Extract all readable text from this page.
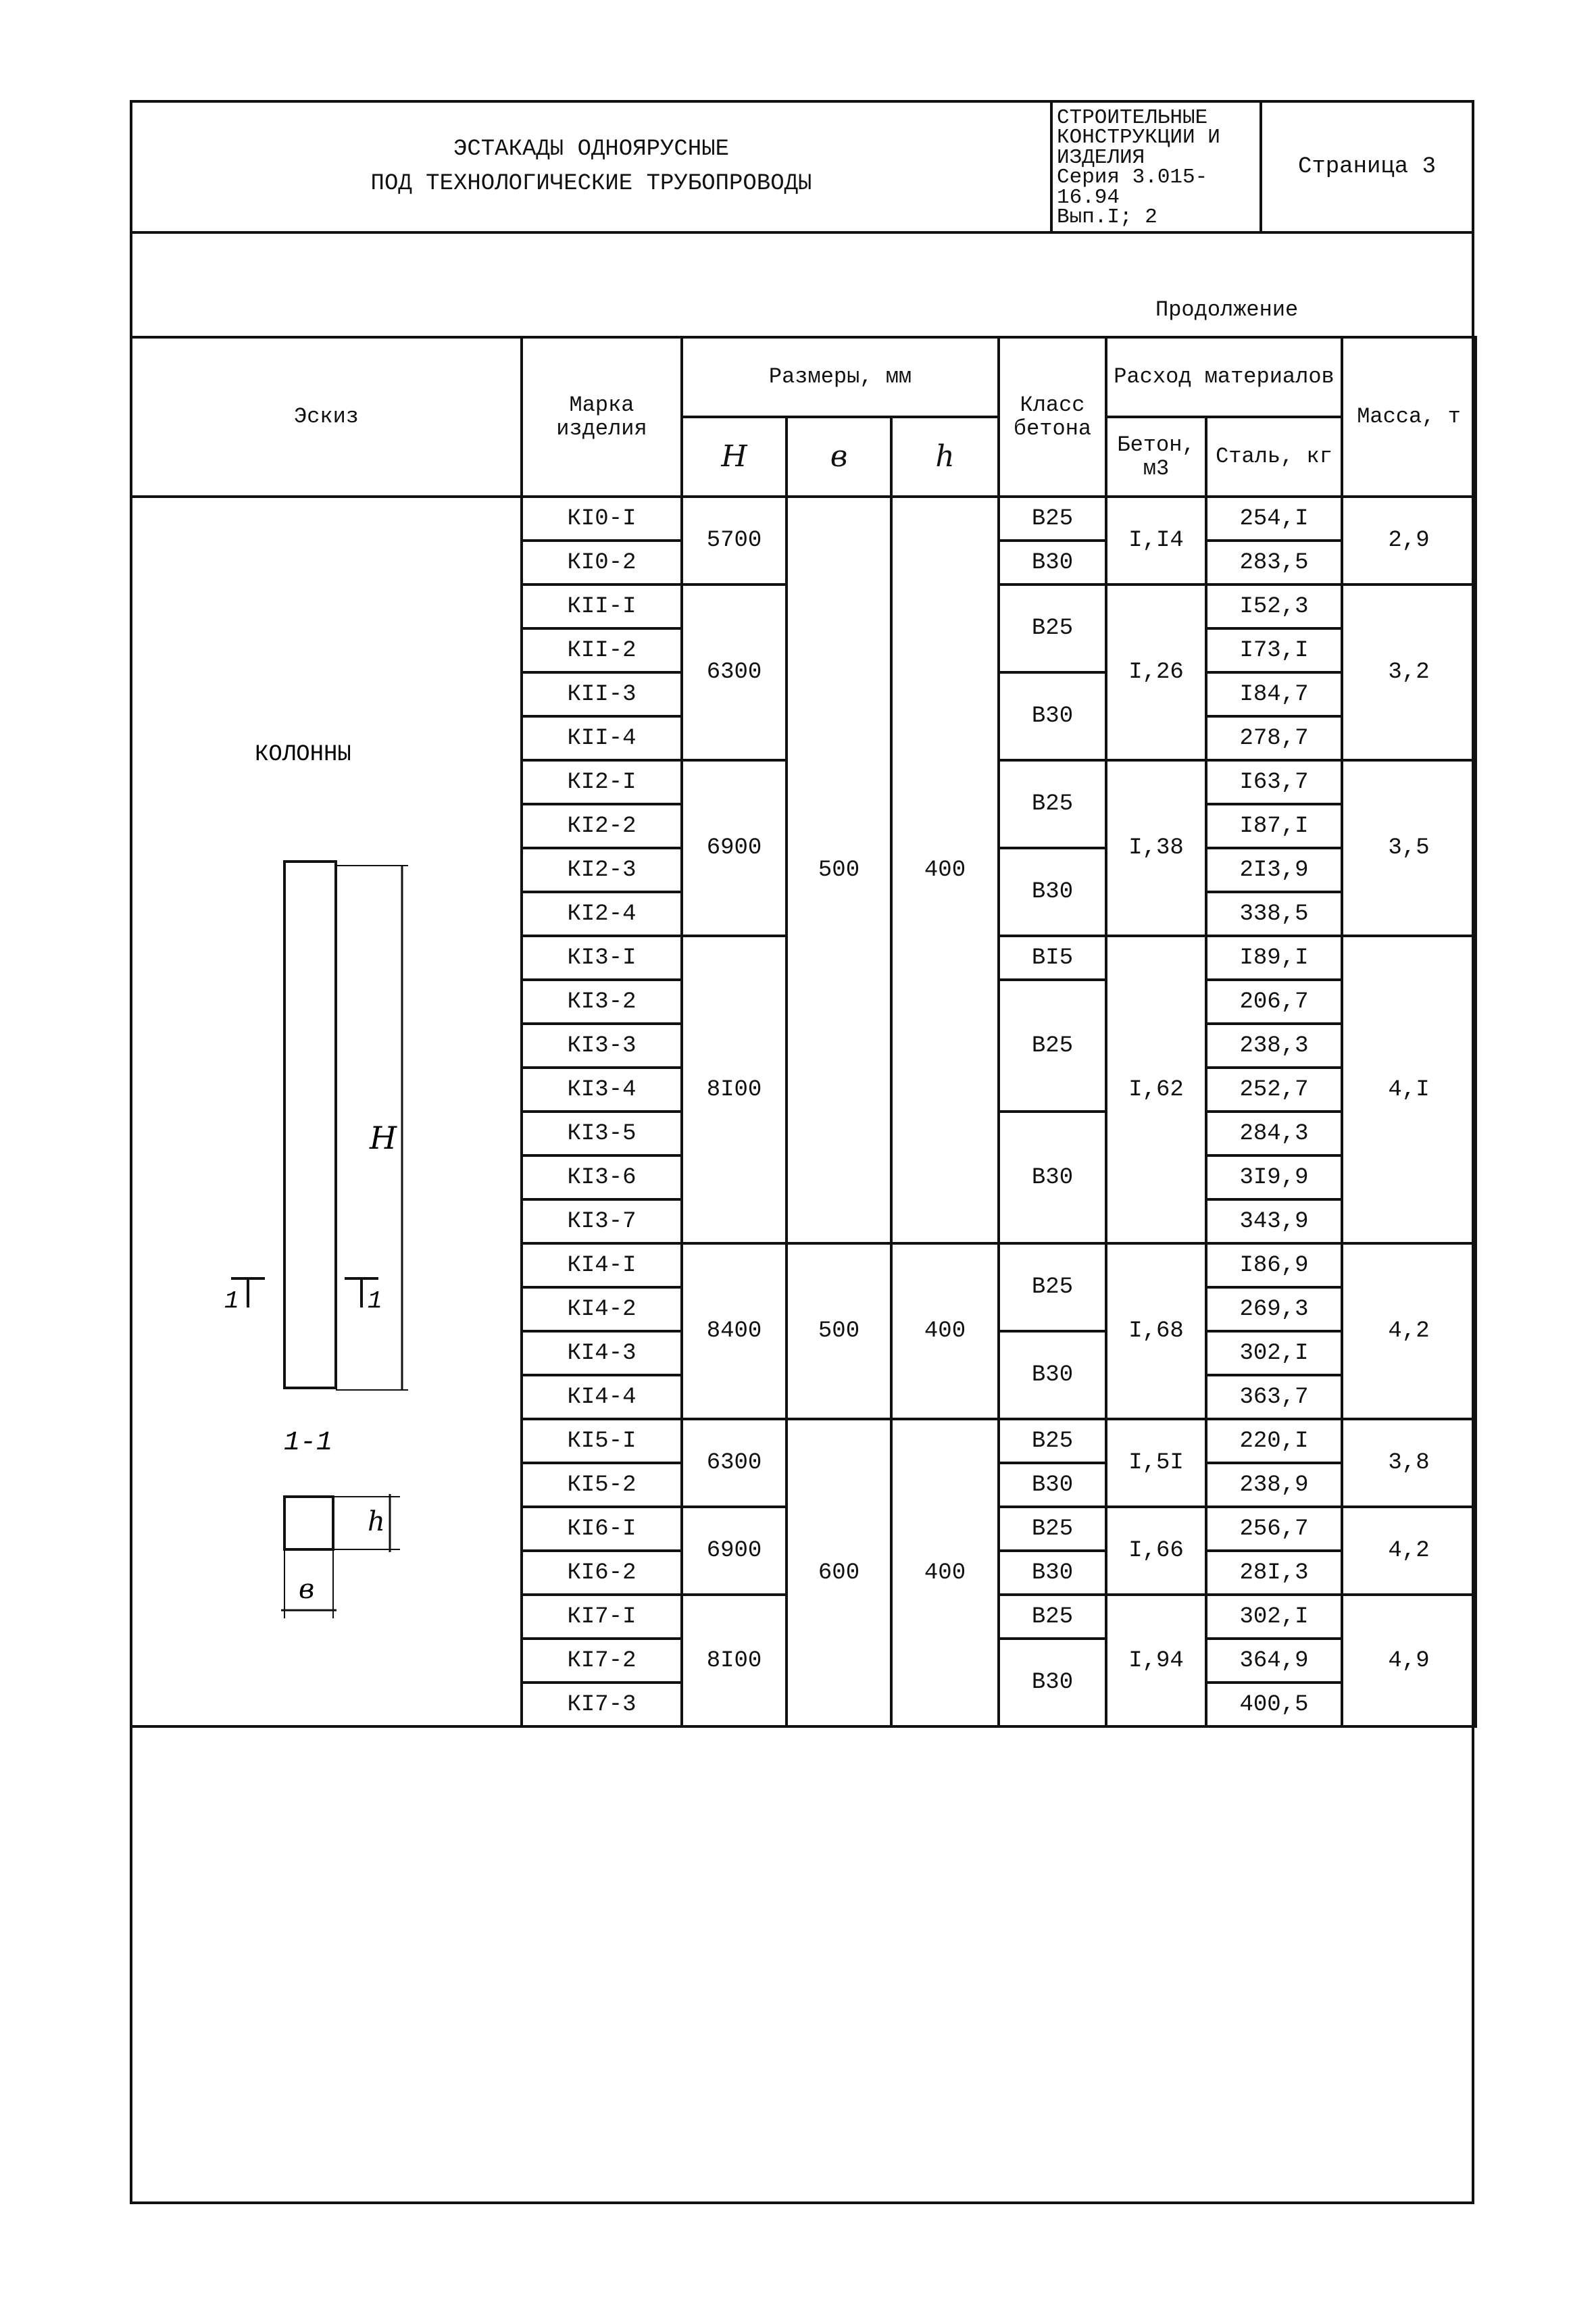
ЭСТАКАДЫ ОДНОЯРУСНЫЕ
ПОД ТЕХНОЛОГИЧЕСКИЕ ТРУБОПРОВОДЫ
СТРОИТЕЛЬНЫЕ
КОНСТРУКЦИИ И
ИЗДЕЛИЯ
Серия 3.015-16.94
Вып.I; 2
Страница 3
Продолжение
Эскиз	Марка изделия	Размеры, мм			Класс бетона	Расход материалов		Масса, т
		H	в	h		Бетон, м3	Сталь, кг	
	КI0-I	5700	500	400	B25	I,I4	254,I	2,9
	КI0-2				B30		283,5	
	КII-I	6300			B25	I,26	I52,3	3,2
	КII-2						I73,I	
	КII-3				B30		I84,7	
	КII-4						278,7	
	КI2-I	6900			B25	I,38	I63,7	3,5
	КI2-2						I87,I	
	КI2-3				B30		2I3,9	
	КI2-4						338,5	
	КI3-I	8I00			BI5	I,62	I89,I	4,I
	КI3-2				B25		206,7	
	КI3-3						238,3	
	КI3-4						252,7	
	КI3-5				B30		284,3	
	КI3-6						3I9,9	
	КI3-7						343,9	
	КI4-I	8400	500	400	B25	I,68	I86,9	4,2
	КI4-2						269,3	
	КI4-3				B30		302,I	
	КI4-4						363,7	
	КI5-I	6300	600	400	B25	I,5I	220,I	3,8
	КI5-2				B30		238,9	
	КI6-I	6900			B25	I,66	256,7	4,2
	КI6-2				B30		28I,3	
	КI7-I	8I00			B25	I,94	302,I	4,9
	КI7-2				B30		364,9	
	КI7-3						400,5	
КОЛОННЫ
H
1	1
1-1
h
в
